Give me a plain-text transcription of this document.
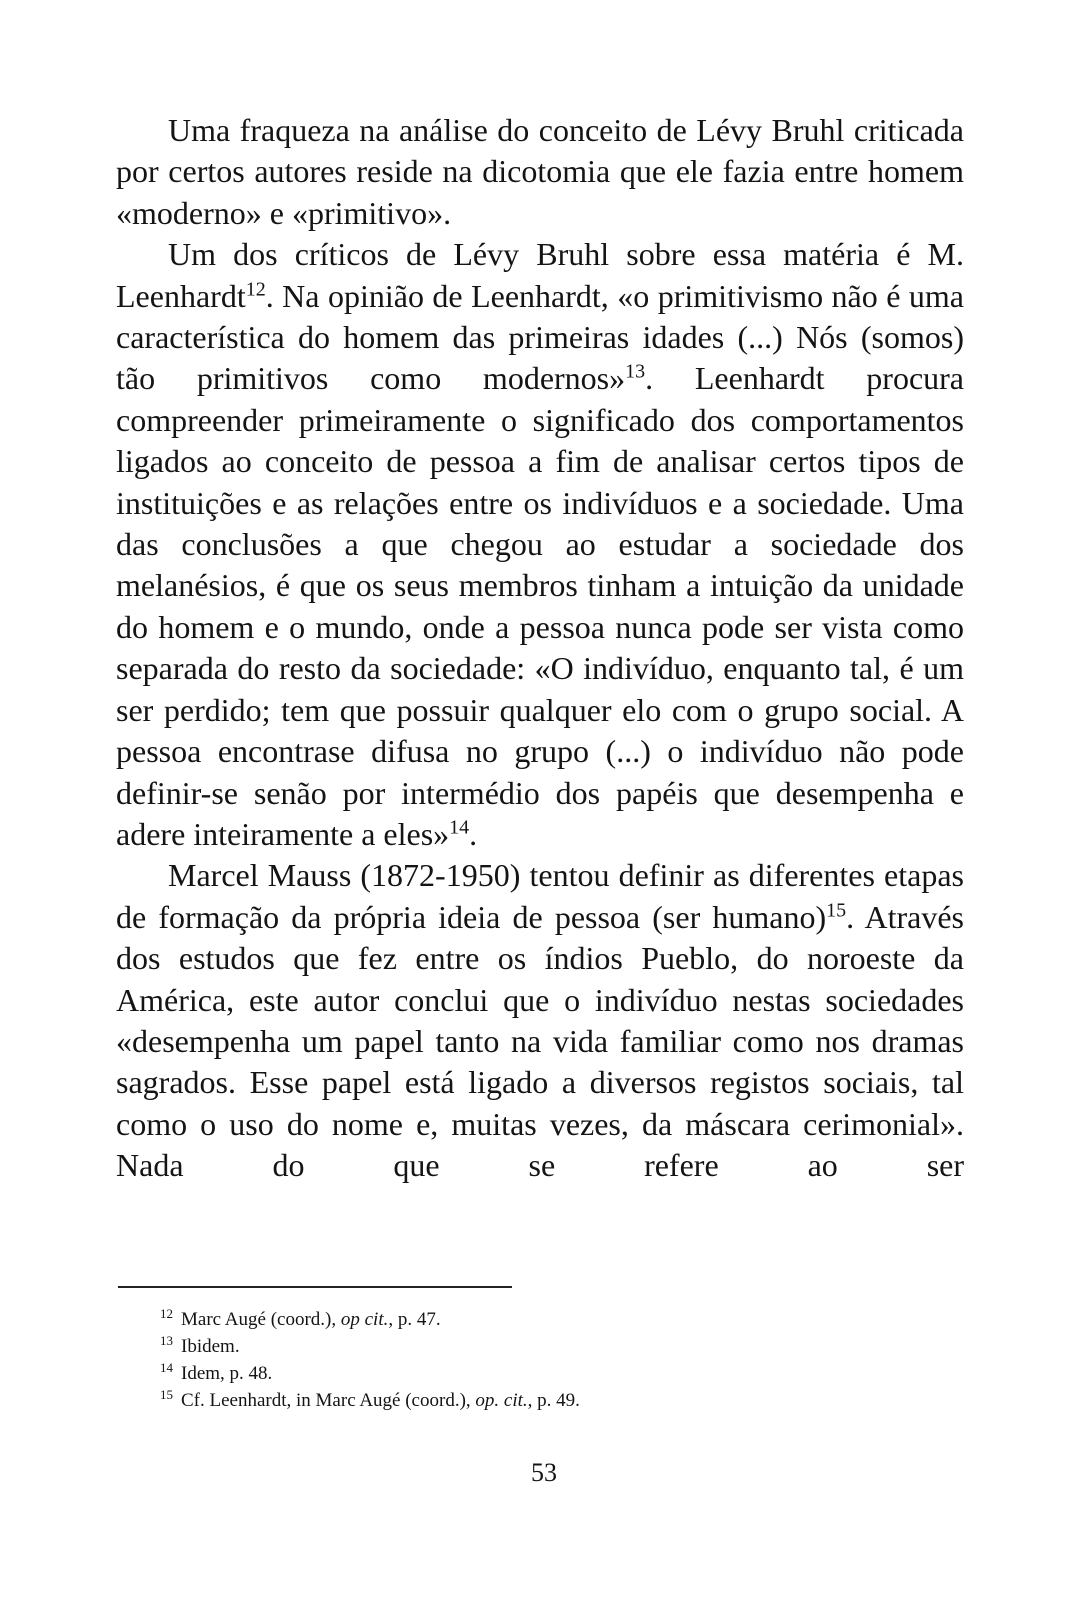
Uma fraqueza na análise do conceito de Lévy Bruhl criticada por certos autores reside na dicotomia que ele fazia entre homem «moderno» e «primitivo».

Um dos críticos de Lévy Bruhl sobre essa matéria é M. Leenhardt$^{12}$. Na opinião de Leenhardt, «o primitivismo não é uma característica do homem das primeiras idades (...) Nós (somos) tão primitivos como modernos»$^{13}$. Leenhardt procura compreender primeiramente o significado dos comportamentos ligados ao conceito de pessoa a fim de analisar certos tipos de instituições e as relações entre os indivíduos e a sociedade. Uma das conclusões a que chegou ao estudar a sociedade dos melanésios, é que os seus membros tinham a intuição da unidade do homem e o mundo, onde a pessoa nunca pode ser vista como separada do resto da sociedade: «O indivíduo, enquanto tal, é um ser perdido; tem que possuir qualquer elo com o grupo social. A pessoa encontrase difusa no grupo (...) o indivíduo não pode definir-se senão por intermédio dos papéis que desempenha e adere inteiramente a eles»$^{14}$.

Marcel Mauss (1872-1950) tentou definir as diferentes etapas de formação da própria ideia de pessoa (ser humano)$^{15}$. Através dos estudos que fez entre os índios Pueblo, do noroeste da América, este autor conclui que o indivíduo nestas sociedades «desempenha um papel tanto na vida familiar como nos dramas sagrados. Esse papel está ligado a diversos registos sociais, tal como o uso do nome e, muitas vezes, da máscara cerimonial». Nada do que se refere ao ser

$^{12}$ Marc Augé (coord.), op cit., p. 47.

$^{13}$ Ibidem.

$^{14}$ Idem, p. 48.

$^{15}$ Cf. Leenhardt, in Marc Augé (coord.), op. cit., p. 49.

53
